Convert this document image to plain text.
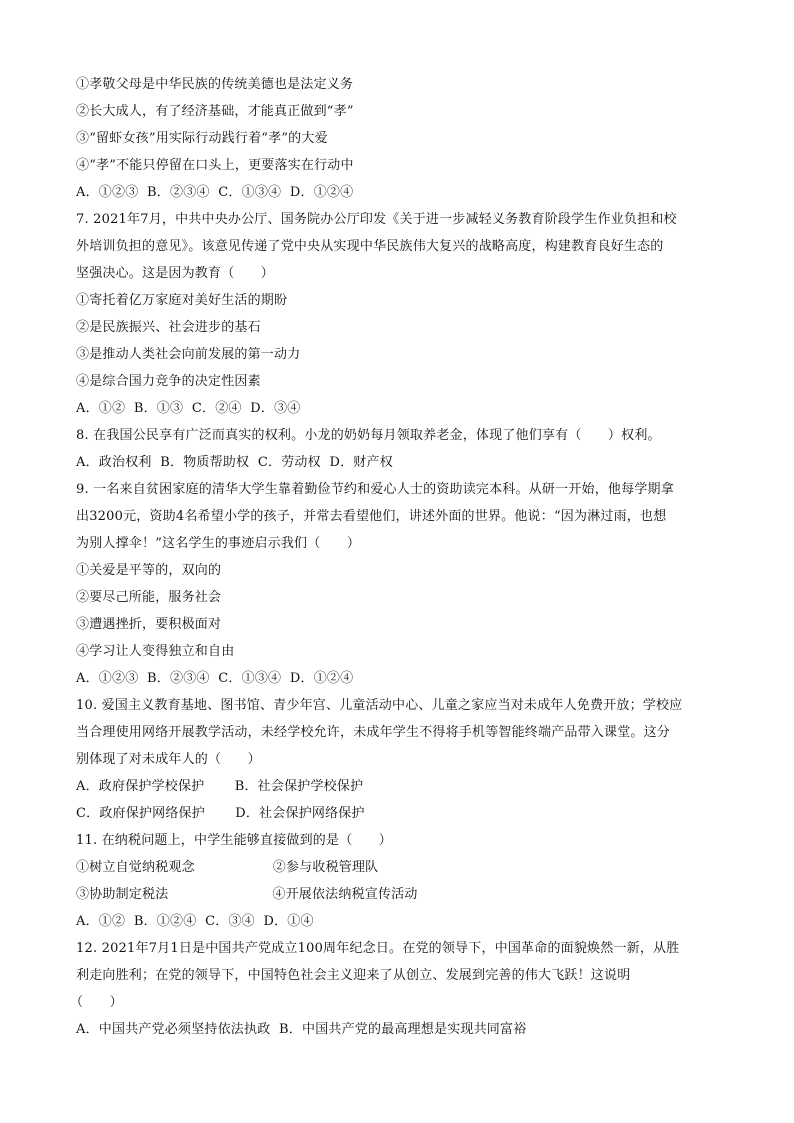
①孝敬父母是中华民族的传统美德也是法定义务
②长大成人，有了经济基础，才能真正做到“孝”
③“留虾女孩”用实际行动践行着“孝”的大爱
④“孝”不能只停留在口头上，更要落实在行动中
A．①②③  B．②③④  C．①③④  D．①②④
7. 2021年7月，中共中央办公厅、国务院办公厅印发《关于进一步减轻义务教育阶段学生作业负担和校
外培训负担的意见》。该意见传递了党中央从实现中华民族伟大复兴的战略高度，构建教育良好生态的
坚强决心。这是因为教育（　　）
①寄托着亿万家庭对美好生活的期盼
②是民族振兴、社会进步的基石
③是推动人类社会向前发展的第一动力
④是综合国力竞争的决定性因素
A．①②  B．①③  C．②④  D．③④
8. 在我国公民享有广泛而真实的权利。小龙的奶奶每月领取养老金，体现了他们享有（　　）权利。
A．政治权利  B．物质帮助权  C．劳动权  D．财产权
9. 一名来自贫困家庭的清华大学生靠着勤俭节约和爱心人士的资助读完本科。从研一开始，他每学期拿
出3200元，资助4名希望小学的孩子，并常去看望他们，讲述外面的世界。他说：“因为淋过雨，也想
为别人撑伞！”这名学生的事迹启示我们（　　）
①关爱是平等的，双向的
②要尽己所能，服务社会
③遭遇挫折，要积极面对
④学习让人变得独立和自由
A．①②③  B．②③④  C．①③④  D．①②④
10. 爱国主义教育基地、图书馆、青少年宫、儿童活动中心、儿童之家应当对未成年人免费开放；学校应
当合理使用网络开展教学活动，未经学校允许，未成年学生不得将手机等智能终端产品带入课堂。这分
别体现了对未成年人的（　　）
A．政府保护学校保护       B．社会保护学校保护
C．政府保护网络保护       D．社会保护网络保护
11. 在纳税问题上，中学生能够直接做到的是（　　）
①树立自觉纳税观念                  ②参与收税管理队
③协助制定税法                        ④开展依法纳税宣传活动
A．①②  B．①②④  C．③④  D．①④
12. 2021年7月1日是中国共产党成立100周年纪念日。在党的领导下，中国革命的面貌焕然一新，从胜
利走向胜利；在党的领导下，中国特色社会主义迎来了从创立、发展到完善的伟大飞跃！这说明
（　　）
A．中国共产党必须坚持依法执政  B．中国共产党的最高理想是实现共同富裕
